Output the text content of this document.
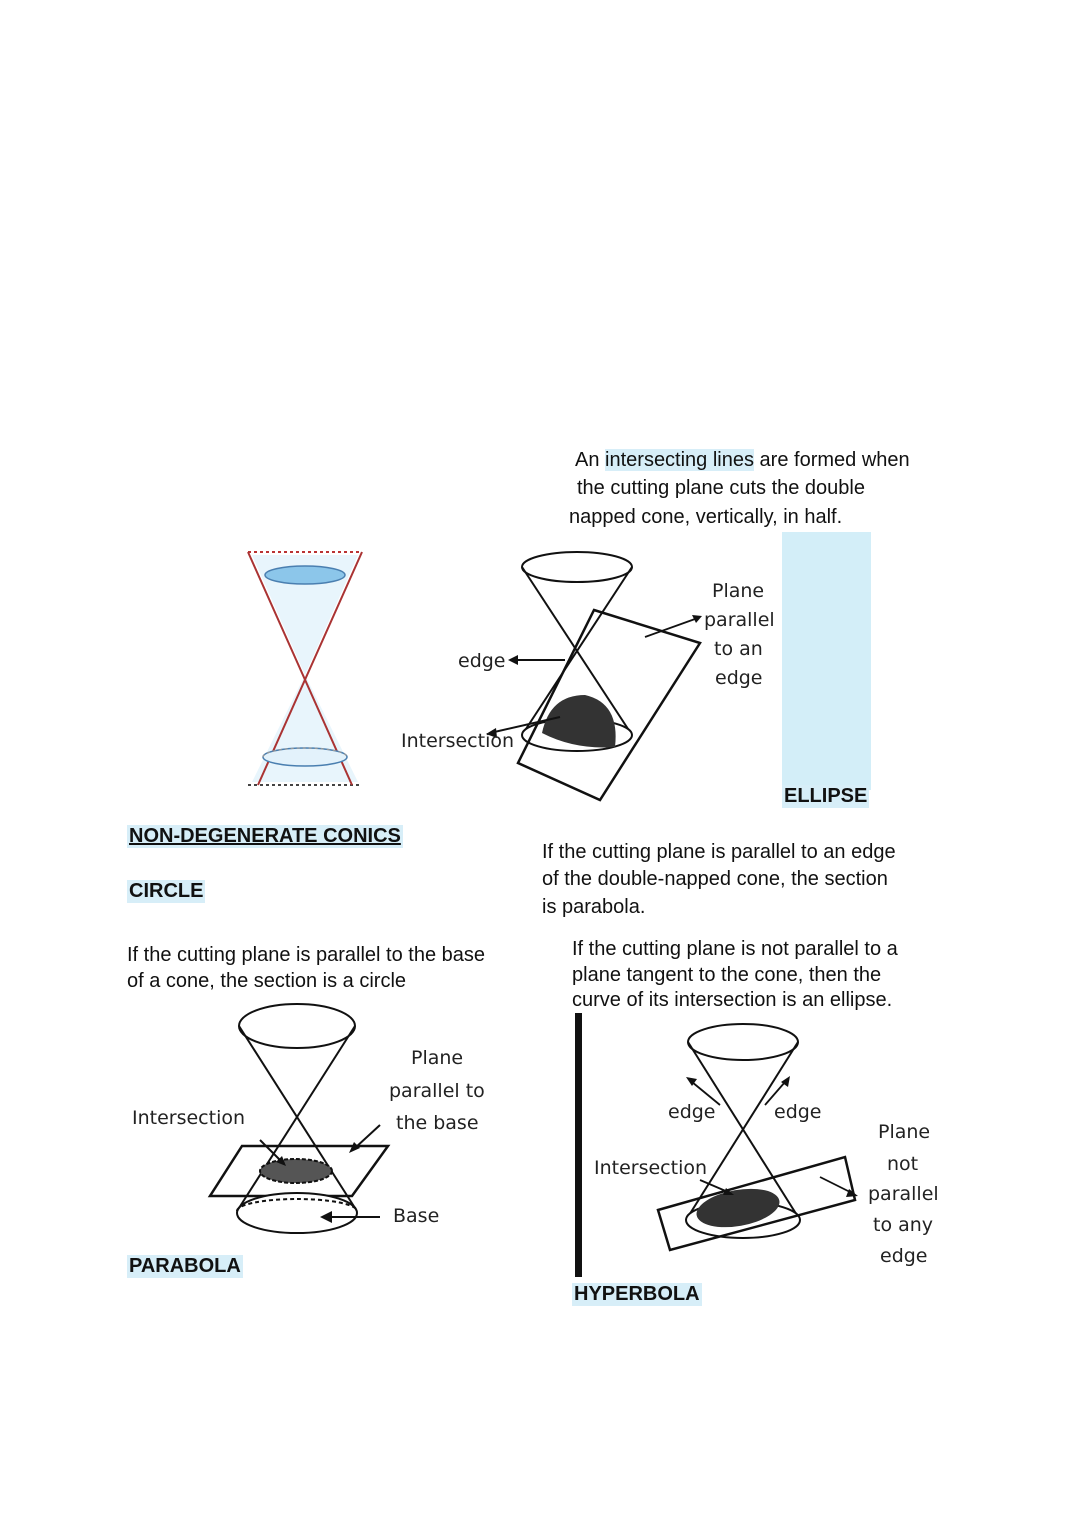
An intersecting lines are formed when
the cutting plane cuts the double
napped cone, vertically, in half.
edge
Intersection
Plane
parallel
to an
edge
ELLIPSE
NON-DEGENERATE CONICS
CIRCLE
If the cutting plane is parallel to an edge
of the double-napped cone, the section
is parabola.
If the cutting plane is parallel to the base
of a cone, the section is a circle
If the cutting plane is not parallel to a
plane tangent to the cone, then the
curve of its intersection is an ellipse.
Intersection
Plane
parallel to
the base
Base
edge	edge
Intersection
Plane
not
parallel
to any
edge
PARABOLA
HYPERBOLA
